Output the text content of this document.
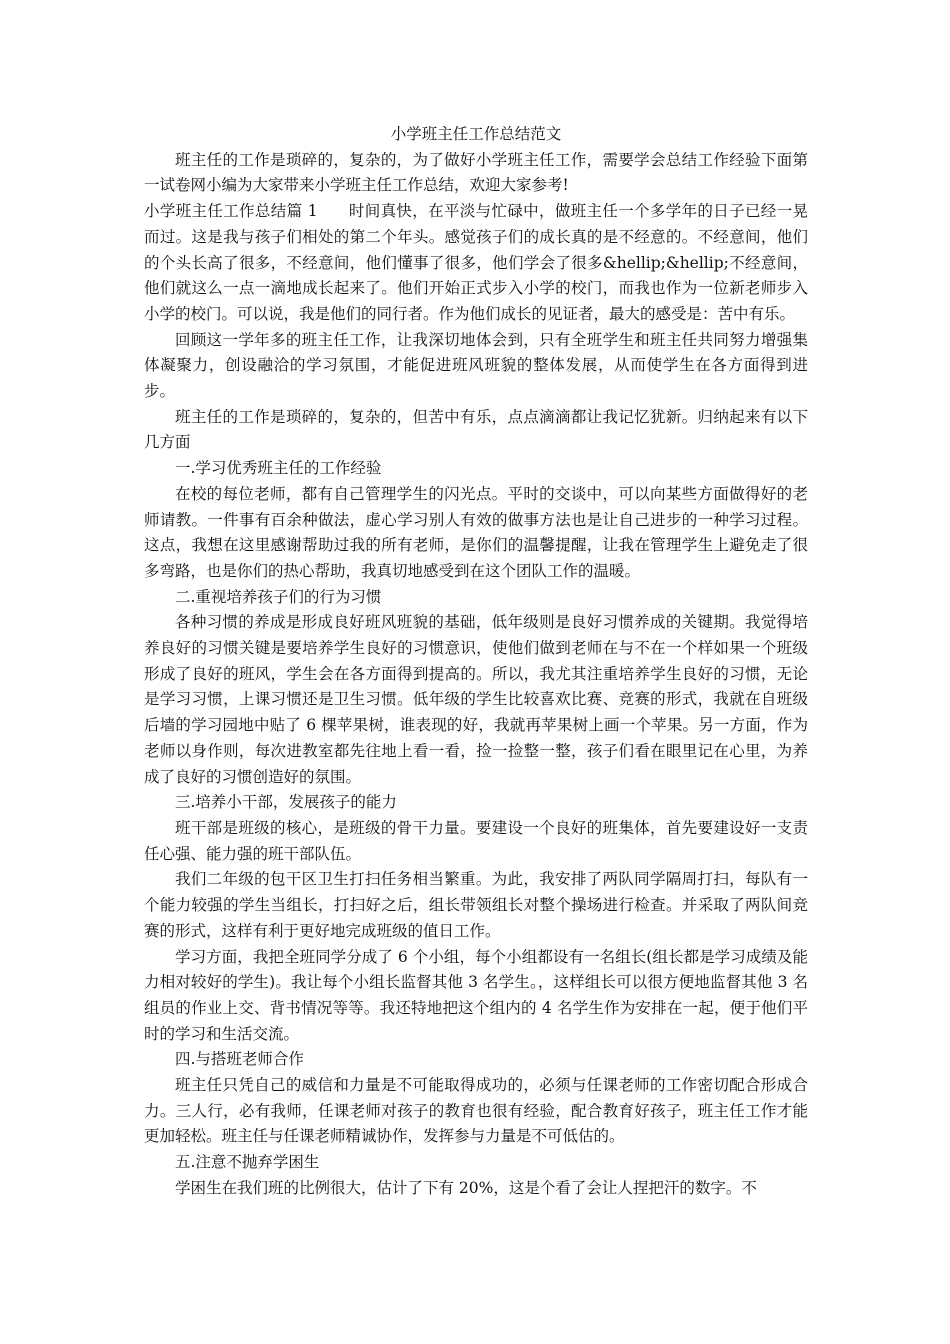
小学班主任工作总结范文

班主任的工作是琐碎的，复杂的，为了做好小学班主任工作，需要学会总结工作经验下面第一试卷网小编为大家带来小学班主任工作总结，欢迎大家参考!

小学班主任工作总结篇 1 时间真快，在平淡与忙碌中，做班主任一个多学年的日子已经一晃而过。这是我与孩子们相处的第二个年头。感觉孩子们的成长真的是不经意的。不经意间，他们的个头长高了很多，不经意间，他们懂事了很多，他们学会了很多&hellip;&hellip;不经意间，他们就这么一点一滴地成长起来了。他们开始正式步入小学的校门，而我也作为一位新老师步入小学的校门。可以说，我是他们的同行者。作为他们成长的见证者，最大的感受是：苦中有乐。

回顾这一学年多的班主任工作，让我深切地体会到，只有全班学生和班主任共同努力增强集体凝聚力，创设融洽的学习氛围，才能促进班风班貌的整体发展，从而使学生在各方面得到进步。

班主任的工作是琐碎的，复杂的，但苦中有乐，点点滴滴都让我记忆犹新。归纳起来有以下几方面

一.学习优秀班主任的工作经验

在校的每位老师，都有自己管理学生的闪光点。平时的交谈中，可以向某些方面做得好的老师请教。一件事有百余种做法，虚心学习别人有效的做事方法也是让自己进步的一种学习过程。这点，我想在这里感谢帮助过我的所有老师，是你们的温馨提醒，让我在管理学生上避免走了很多弯路，也是你们的热心帮助，我真切地感受到在这个团队工作的温暖。

二.重视培养孩子们的行为习惯

各种习惯的养成是形成良好班风班貌的基础，低年级则是良好习惯养成的关键期。我觉得培养良好的习惯关键是要培养学生良好的习惯意识，使他们做到老师在与不在一个样如果一个班级形成了良好的班风，学生会在各方面得到提高的。所以，我尤其注重培养学生良好的习惯，无论是学习习惯，上课习惯还是卫生习惯。低年级的学生比较喜欢比赛、竞赛的形式，我就在自班级后墙的学习园地中贴了 6 棵苹果树，谁表现的好，我就再苹果树上画一个苹果。另一方面，作为老师以身作则，每次进教室都先往地上看一看，捡一捡整一整，孩子们看在眼里记在心里，为养成了良好的习惯创造好的氛围。

三.培养小干部，发展孩子的能力

班干部是班级的核心，是班级的骨干力量。要建设一个良好的班集体，首先要建设好一支责任心强、能力强的班干部队伍。

我们二年级的包干区卫生打扫任务相当繁重。为此，我安排了两队同学隔周打扫，每队有一个能力较强的学生当组长，打扫好之后，组长带领组长对整个操场进行检查。并采取了两队间竞赛的形式，这样有利于更好地完成班级的值日工作。

学习方面，我把全班同学分成了 6 个小组，每个小组都设有一名组长(组长都是学习成绩及能力相对较好的学生)。我让每个小组长监督其他 3 名学生。，这样组长可以很方便地监督其他 3 名组员的作业上交、背书情况等等。我还特地把这个组内的 4 名学生作为安排在一起，便于他们平时的学习和生活交流。

四.与搭班老师合作

班主任只凭自己的威信和力量是不可能取得成功的，必须与任课老师的工作密切配合形成合力。三人行，必有我师，任课老师对孩子的教育也很有经验，配合教育好孩子，班主任工作才能更加轻松。班主任与任课老师精诚协作，发挥参与力量是不可低估的。

五.注意不抛弃学困生

学困生在我们班的比例很大，估计了下有 20%，这是个看了会让人捏把汗的数字。不
